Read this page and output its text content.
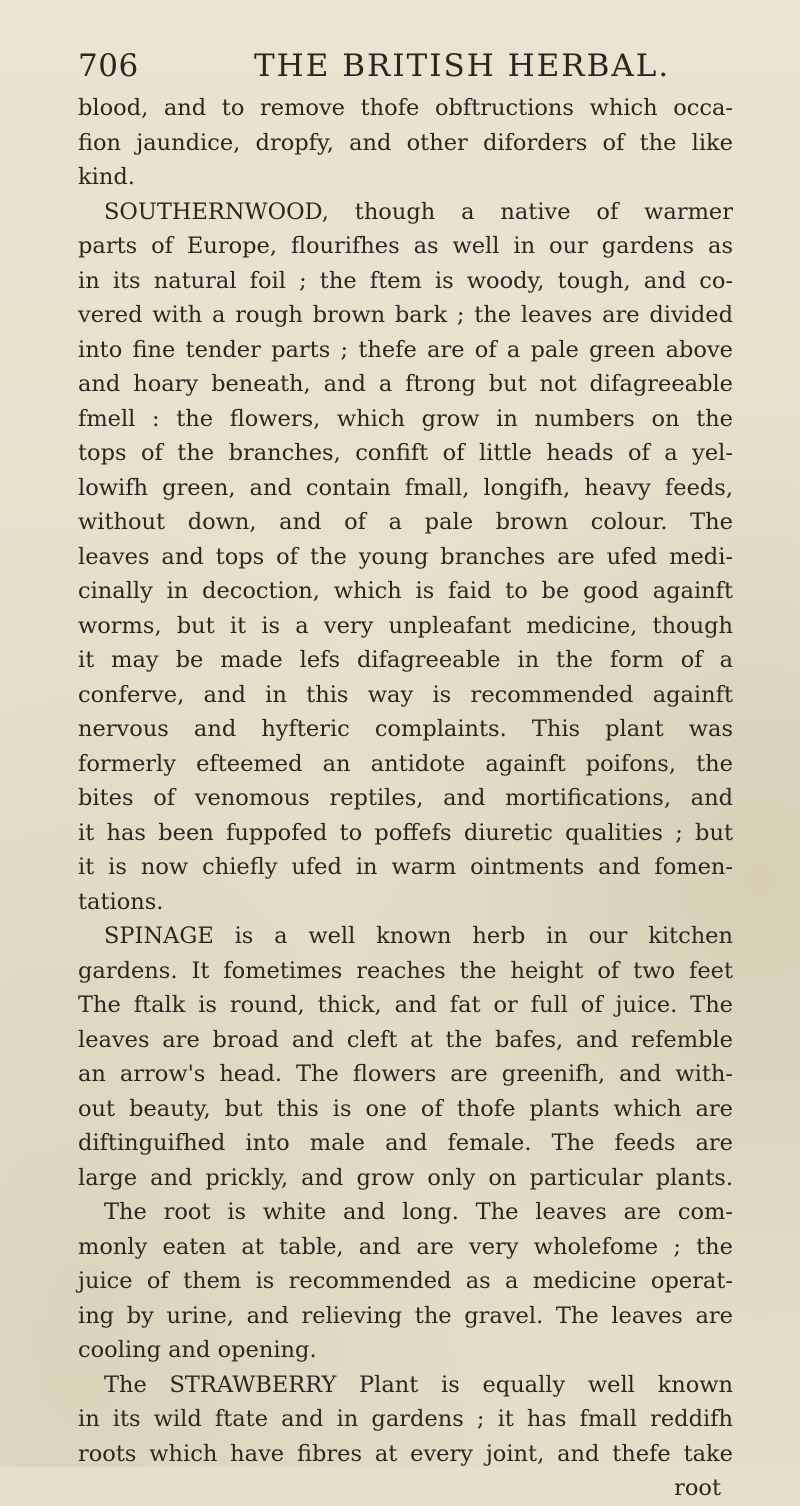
706	THE BRITISH HERBAL.
blood, and to remove thofe obftructions which occa-
fion jaundice, dropfy, and other diforders of the like
kind.
SOUTHERNWOOD, though a native of warmer
parts of Europe, flourifhes as well in our gardens as
in its natural foil ; the ftem is woody, tough, and co-
vered with a rough brown bark ; the leaves are divided
into fine tender parts ; thefe are of a pale green above
and hoary beneath, and a ftrong but not difagreeable
fmell : the flowers, which grow in numbers on the
tops of the branches, confift of little heads of a yel-
lowifh green, and contain fmall, longifh, heavy feeds,
without down, and of a pale brown colour. The
leaves and tops of the young branches are ufed medi-
cinally in decoction, which is faid to be good againft
worms, but it is a very unpleafant medicine, though
it may be made lefs difagreeable in the form of a
conferve, and in this way is recommended againft
nervous and hyfteric complaints. This plant was
formerly efteemed an antidote againft poifons, the
bites of venomous reptiles, and mortifications, and
it has been fuppofed to poffefs diuretic qualities ; but
it is now chiefly ufed in warm ointments and fomen-
tations.
SPINAGE is a well known herb in our kitchen
gardens. It fometimes reaches the height of two feet
The ftalk is round, thick, and fat or full of juice. The
leaves are broad and cleft at the bafes, and refemble
an arrow's head. The flowers are greenifh, and with-
out beauty, but this is one of thofe plants which are
diftinguifhed into male and female. The feeds are
large and prickly, and grow only on particular plants.
The root is white and long. The leaves are com-
monly eaten at table, and are very wholefome ; the
juice of them is recommended as a medicine operat-
ing by urine, and relieving the gravel. The leaves are
cooling and opening.
The STRAWBERRY Plant is equally well known
in its wild ftate and in gardens ; it has fmall reddifh
roots which have fibres at every joint, and thefe take
root
